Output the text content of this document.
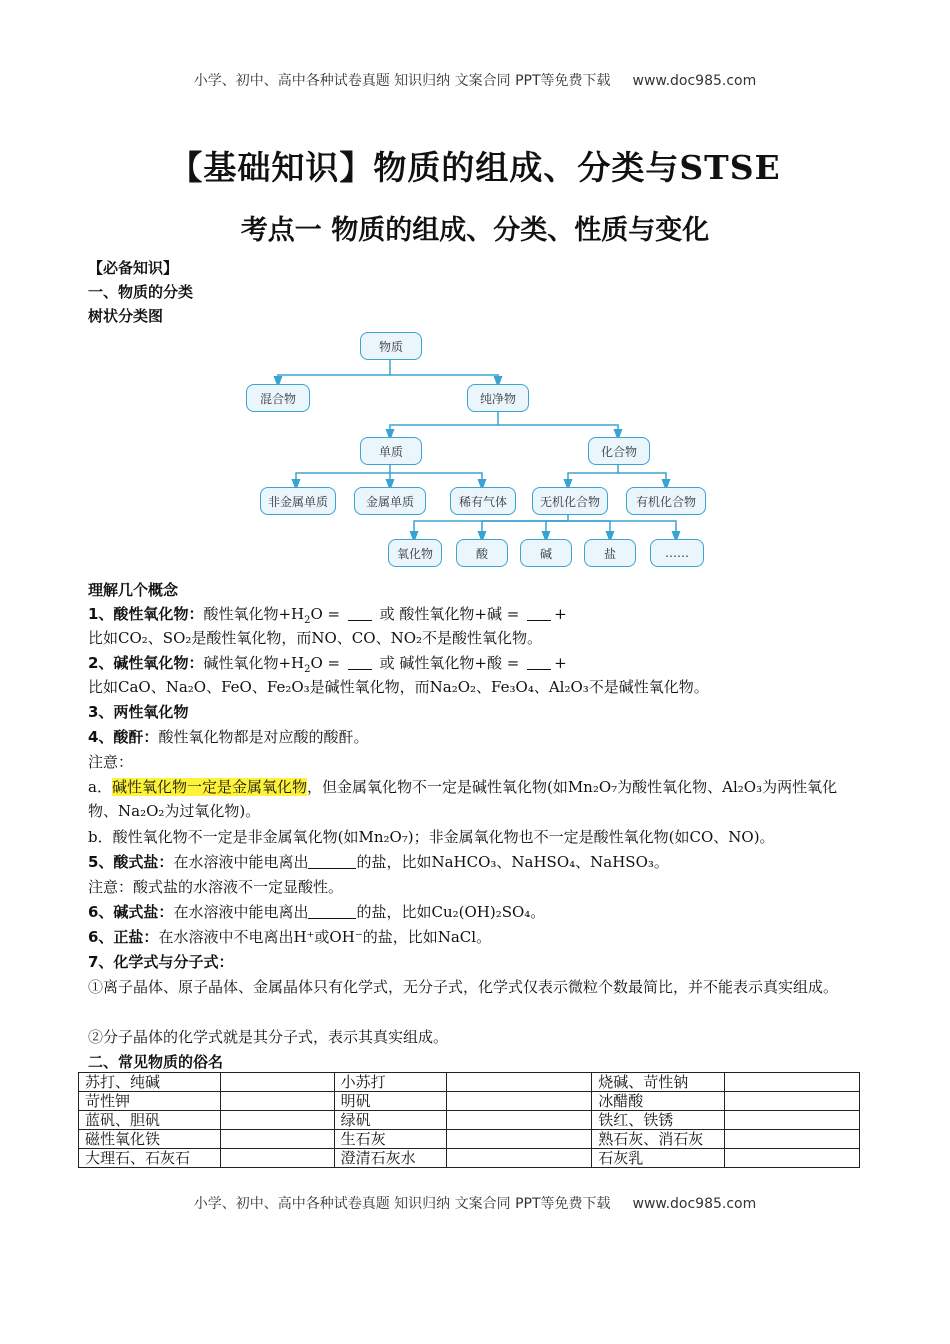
小学、初中、高中各种试卷真题 知识归纳 文案合同 PPT等免费下载 www.doc985.com
【基础知识】物质的组成、分类与STSE
考点一 物质的组成、分类、性质与变化
【必备知识】
一、物质的分类
树状分类图
物质
混合物	纯净物
单质	化合物
非金属单质	金属单质	稀有气体	无机化合物	有机化合物
氧化物	酸	碱	盐	……
理解几个概念
1、酸性氧化物：酸性氧化物$+H_2O$ =  或 酸性氧化物+碱 = +
比如CO₂、SO₂是酸性氧化物，而NO、CO、NO₂不是酸性氧化物。
2、碱性氧化物：碱性氧化物$+H_2O$ =  或 碱性氧化物+酸 = +
比如CaO、Na₂O、FeO、Fe₂O₃是碱性氧化物，而Na₂O₂、Fe₃O₄、Al₂O₃不是碱性氧化物。
3、两性氧化物
4、酸酐：酸性氧化物都是对应酸的酸酐。
注意：
a．碱性氧化物一定是金属氧化物，但金属氧化物不一定是碱性氧化物(如Mn₂O₇为酸性氧化物、Al₂O₃为两性氧化物、Na₂O₂为过氧化物)。
b．酸性氧化物不一定是非金属氧化物(如Mn₂O₇)；非金属氧化物也不一定是酸性氧化物(如CO、NO)。
5、酸式盐：在水溶液中能电离出	的盐，比如NaHCO₃、NaHSO₄、NaHSO₃。
注意：酸式盐的水溶液不一定显酸性。
6、碱式盐：在水溶液中能电离出	的盐，比如Cu₂(OH)₂SO₄。
6、正盐：在水溶液中不电离出H⁺或OH⁻的盐，比如NaCl。
7、化学式与分子式：
①离子晶体、原子晶体、金属晶体只有化学式，无分子式，化学式仅表示微粒个数最简比，并不能表示真实组成。
②分子晶体的化学式就是其分子式，表示其真实组成。
二、常见物质的俗名
苏打、纯碱		小苏打		烧碱、苛性钠	
苛性钾		明矾		冰醋酸	
蓝矾、胆矾		绿矾		铁红、铁锈	
磁性氧化铁		生石灰		熟石灰、消石灰	
大理石、石灰石		澄清石灰水		石灰乳	
小学、初中、高中各种试卷真题 知识归纳 文案合同 PPT等免费下载 www.doc985.com
